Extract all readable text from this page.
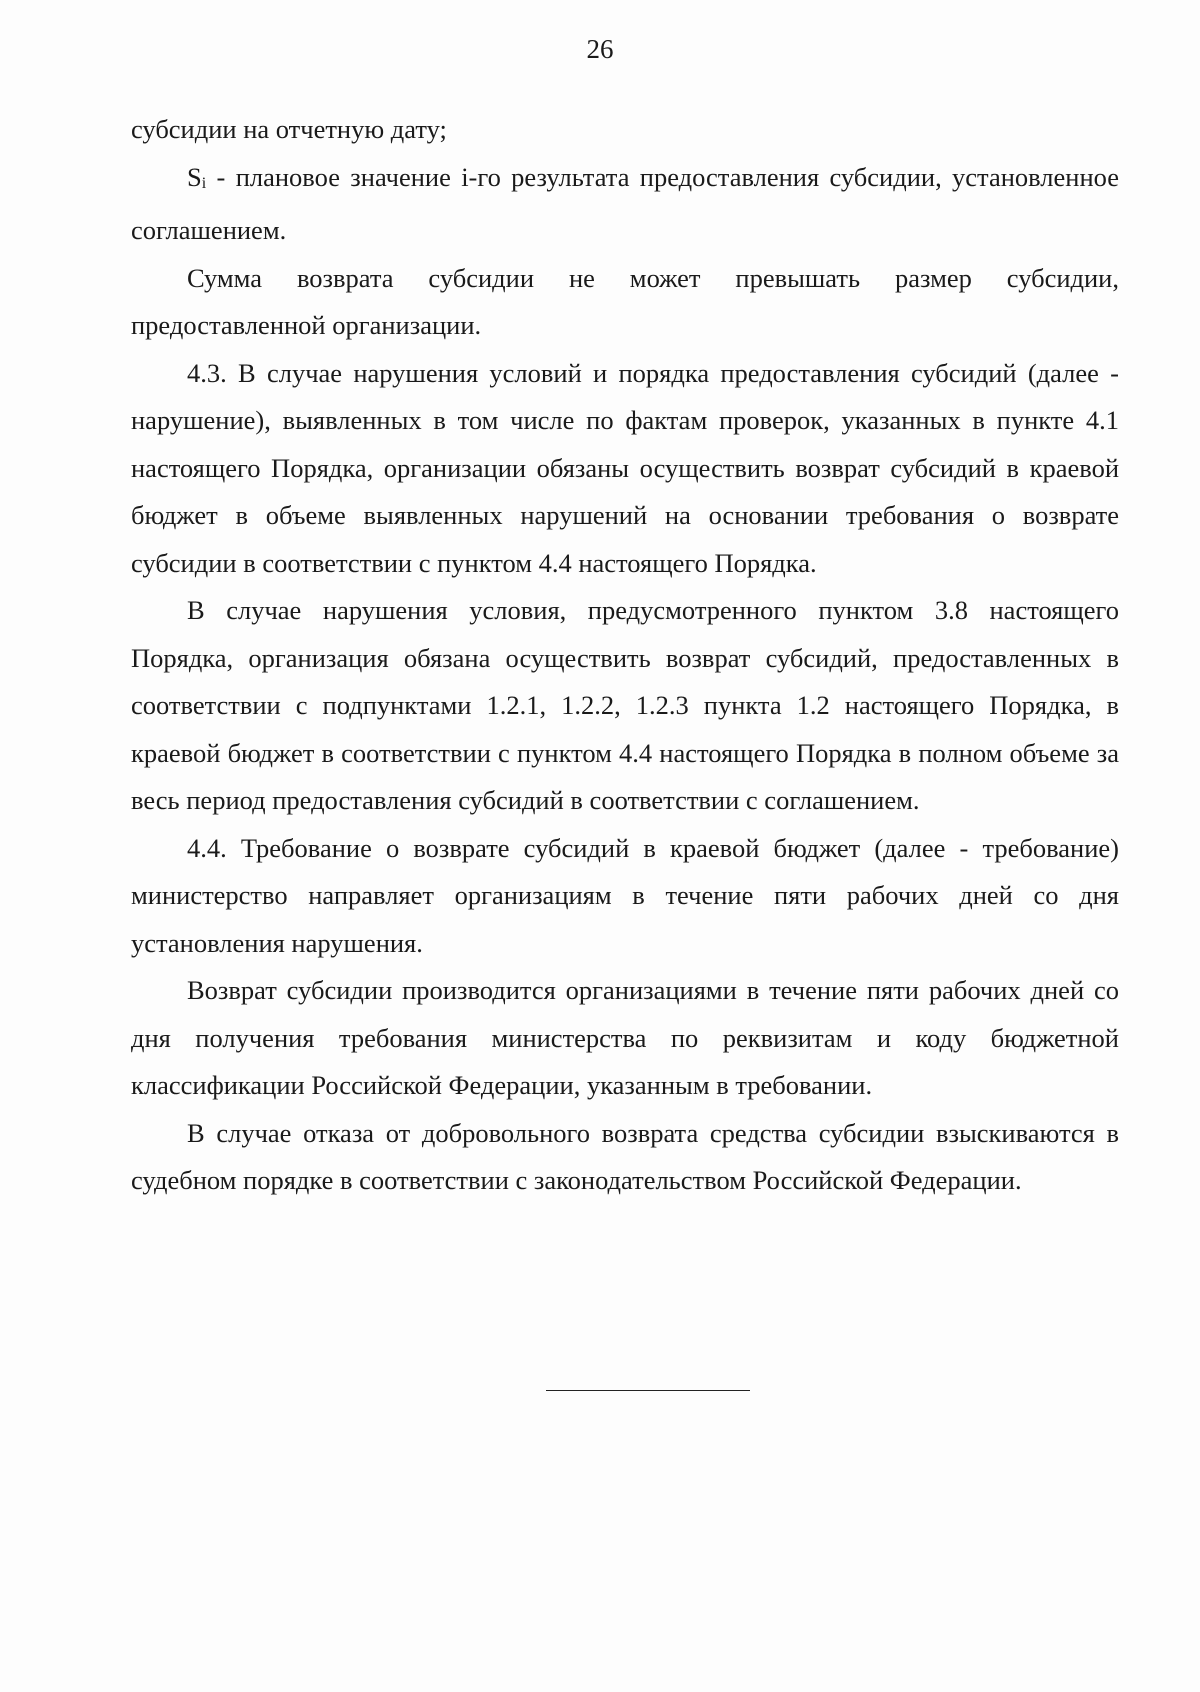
26

субсидии на отчетную дату;

$S_i$ - плановое значение i-го результата предоставления субсидии, установленное соглашением.

Сумма возврата субсидии не может превышать размер субсидии, предоставленной организации.

4.3. В случае нарушения условий и порядка предоставления субсидий (далее - нарушение), выявленных в том числе по фактам проверок, указанных в пункте 4.1 настоящего Порядка, организации обязаны осуществить возврат субсидий в краевой бюджет в объеме выявленных нарушений на основании требования о возврате субсидии в соответствии с пунктом 4.4 настоящего Порядка.

В случае нарушения условия, предусмотренного пунктом 3.8 настоящего Порядка, организация обязана осуществить возврат субсидий, предоставленных в соответствии с подпунктами 1.2.1, 1.2.2, 1.2.3 пункта 1.2 настоящего Порядка, в краевой бюджет в соответствии с пунктом 4.4 настоящего Порядка в полном объеме за весь период предоставления субсидий в соответствии с соглашением.

4.4. Требование о возврате субсидий в краевой бюджет (далее - требование) министерство направляет организациям в течение пяти рабочих дней со дня установления нарушения.

Возврат субсидии производится организациями в течение пяти рабочих дней со дня получения требования министерства по реквизитам и коду бюджетной классификации Российской Федерации, указанным в требовании.

В случае отказа от добровольного возврата средства субсидии взыскиваются в судебном порядке в соответствии с законодательством Российской Федерации.
